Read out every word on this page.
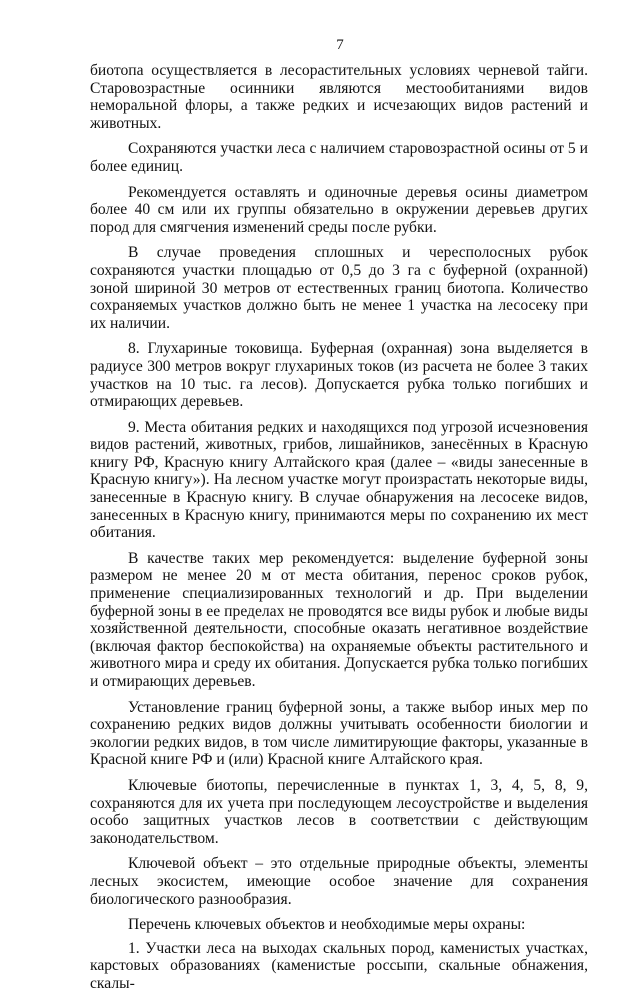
7

биотопа осуществляется в лесорастительных условиях черневой тайги. Старовозрастные осинники являются местообитаниями видов неморальной флоры, а также редких и исчезающих видов растений и животных.

Сохраняются участки леса с наличием старовозрастной осины от 5 и более единиц.

Рекомендуется оставлять и одиночные деревья осины диаметром более 40 см или их группы обязательно в окружении деревьев других пород для смягчения изменений среды после рубки.

В случае проведения сплошных и чересполосных рубок сохраняются участки площадью от 0,5 до 3 га с буферной (охранной) зоной шириной 30 метров от естественных границ биотопа. Количество сохраняемых участков должно быть не менее 1 участка на лесосеку при их наличии.

8. Глухариные токовища. Буферная (охранная) зона выделяется в радиусе 300 метров вокруг глухариных токов (из расчета не более 3 таких участков на 10 тыс. га лесов). Допускается рубка только погибших и отмирающих деревьев.

9. Места обитания редких и находящихся под угрозой исчезновения видов растений, животных, грибов, лишайников, занесённых в Красную книгу РФ, Красную книгу Алтайского края (далее – «виды занесенные в Красную книгу»). На лесном участке могут произрастать некоторые виды, занесенные в Красную книгу. В случае обнаружения на лесосеке видов, занесенных в Красную книгу, принимаются меры по сохранению их мест обитания.

В качестве таких мер рекомендуется: выделение буферной зоны размером не менее 20 м от места обитания, перенос сроков рубок, применение специализированных технологий и др. При выделении буферной зоны в ее пределах не проводятся все виды рубок и любые виды хозяйственной деятельности, способные оказать негативное воздействие (включая фактор беспокойства) на охраняемые объекты растительного и животного мира и среду их обитания. Допускается рубка только погибших и отмирающих деревьев.

Установление границ буферной зоны, а также выбор иных мер по сохранению редких видов должны учитывать особенности биологии и экологии редких видов, в том числе лимитирующие факторы, указанные в Красной книге РФ и (или) Красной книге Алтайского края.

Ключевые биотопы, перечисленные в пунктах 1, 3, 4, 5, 8, 9, сохраняются для их учета при последующем лесоустройстве и выделения особо защитных участков лесов в соответствии с действующим законодательством.

Ключевой объект – это отдельные природные объекты, элементы лесных экосистем, имеющие особое значение для сохранения биологического разнообразия.

Перечень ключевых объектов и необходимые меры охраны:

1. Участки леса на выходах скальных пород, каменистых участках, карстовых образованиях (каменистые россыпи, скальные обнажения, скалы-
